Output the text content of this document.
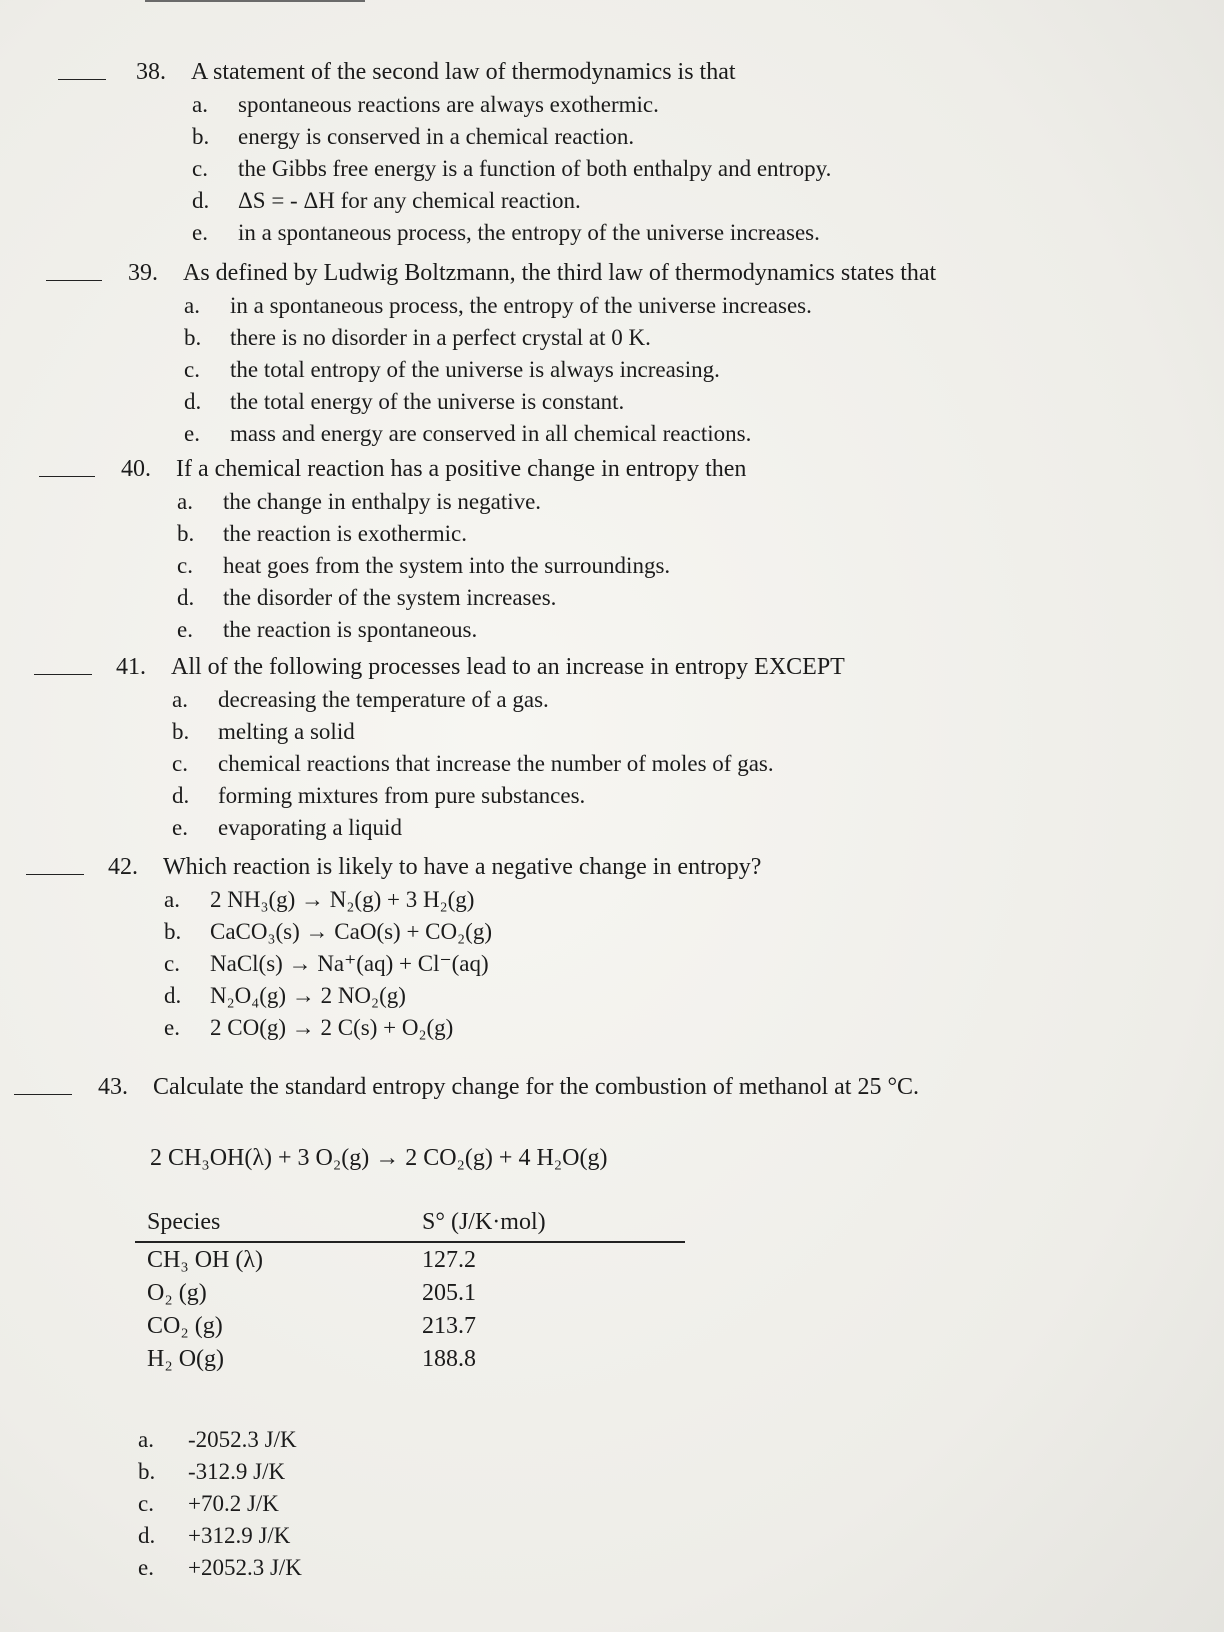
38. A statement of the second law of thermodynamics is that
a. spontaneous reactions are always exothermic.
b. energy is conserved in a chemical reaction.
c. the Gibbs free energy is a function of both enthalpy and entropy.
d. ΔS = - ΔH for any chemical reaction.
e. in a spontaneous process, the entropy of the universe increases.
39. As defined by Ludwig Boltzmann, the third law of thermodynamics states that
a. in a spontaneous process, the entropy of the universe increases.
b. there is no disorder in a perfect crystal at 0 K.
c. the total entropy of the universe is always increasing.
d. the total energy of the universe is constant.
e. mass and energy are conserved in all chemical reactions.
40. If a chemical reaction has a positive change in entropy then
a. the change in enthalpy is negative.
b. the reaction is exothermic.
c. heat goes from the system into the surroundings.
d. the disorder of the system increases.
e. the reaction is spontaneous.
41. All of the following processes lead to an increase in entropy EXCEPT
a. decreasing the temperature of a gas.
b. melting a solid
c. chemical reactions that increase the number of moles of gas.
d. forming mixtures from pure substances.
e. evaporating a liquid
42. Which reaction is likely to have a negative change in entropy?
a. 2 NH₃(g) → N₂(g) + 3 H₂(g)
b. CaCO₃(s) → CaO(s) + CO₂(g)
c. NaCl(s) → Na⁺(aq) + Cl⁻(aq)
d. N₂O₄(g) → 2 NO₂(g)
e. 2 CO(g) → 2 C(s) + O₂(g)
43. Calculate the standard entropy change for the combustion of methanol at 25 °C.
2 CH₃OH(λ) + 3 O₂(g) → 2 CO₂(g) + 4 H₂O(g)
Species	S° (J/K·mol)
CH₃ OH (λ)	127.2
O₂ (g)	205.1
CO₂ (g)	213.7
H₂ O(g)	188.8
a. -2052.3 J/K
b. -312.9 J/K
c. +70.2 J/K
d. +312.9 J/K
e. +2052.3 J/K
